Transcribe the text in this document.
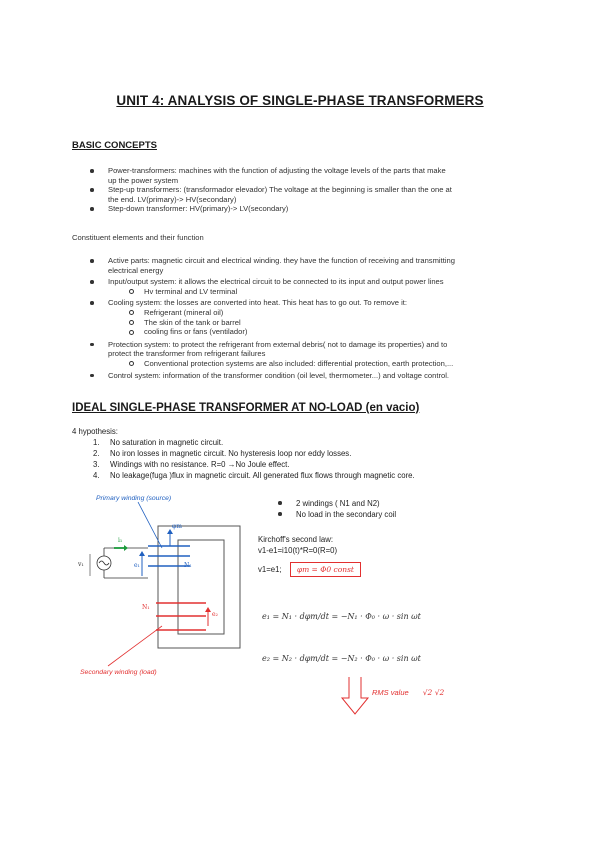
UNIT 4: ANALYSIS OF SINGLE-PHASE TRANSFORMERS
BASIC CONCEPTS
Power-transformers: machines with the function of adjusting the voltage levels of the parts that make
up the power system
Step-up transformers: (transformador elevador) The voltage at the beginning is smaller than the one at
the end. LV(primary)-> HV(secondary)
Step-down transformer: HV(primary)-> LV(secondary)
Constituent elements and their function
Active parts: magnetic circuit and electrical winding. they have the function of receiving and transmitting
electrical energy
Input/output system: it allows the electrical circuit to be connected to its input and output power lines
Hv terminal and LV terminal
Cooling system: the losses are converted into heat. This heat has to go out. To remove it:
Refrigerant (mineral oil)
The skin of the tank or barrel
cooling fins or fans (ventilador)
Protection system: to protect the refrigerant from external debris( not to damage its properties) and to
protect the transformer from refrigerant failures
Conventional protection systems are also included: differential protection, earth protection,...
Control system: information of the transformer condition (oil level, thermometer...) and voltage control.
IDEAL SINGLE-PHASE TRANSFORMER AT NO-LOAD (en vacio)
4 hypothesis:
1. No saturation in magnetic circuit.
2. No iron losses in magnetic circuit. No hysteresis loop nor eddy losses.
3. Windings with no resistance. R=0 →No Joule effect.
4. No leakage(fuga )flux in magnetic circuit. All generated flux flows through magnetic core.
Primary winding (source)
Secondary winding (load)
i₁
φm
e₁
v₁	N₁
N₁
e₂
2 windings ( N1 and N2)
No load in the secondary coil
Kirchoff's second law:
v1-e1=i10(t)*R=0(R=0)
v1=e1; φm = Φ0 const
e₁ = N₁ · dφm/dt = −N₁ · Φ₀ · ω · sin ωt
e₂ = N₂ · dφm/dt = −N₂ · Φ₀ · ω · sin ωt
RMS value √2 √2
